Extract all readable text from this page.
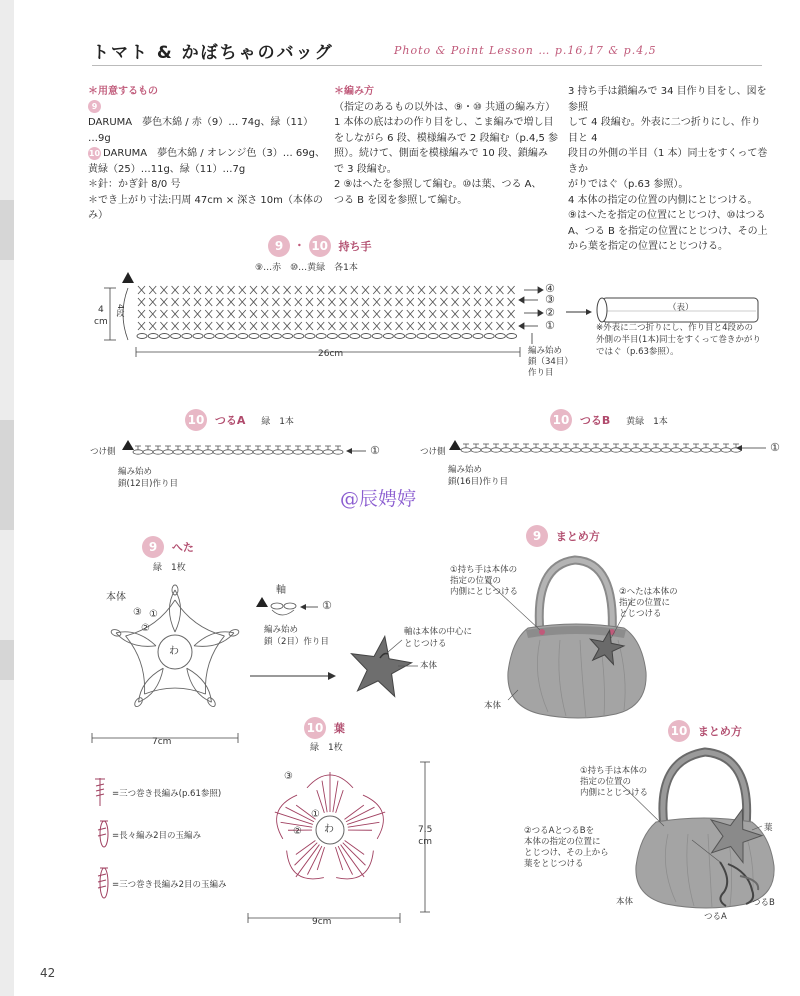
トマト & かぼちゃのバッグ	Photo & Point Lesson … p.16,17 & p.4,5

＊用意するもの

9DARUMA　夢色木綿 / 赤（9）… 74g、緑（11）

…9g

10 DARUMA　夢色木綿 / オレンジ色（3）… 69g、

黄緑（25）…11g、緑（11）…7g

＊針：かぎ針 8/0 号

＊でき上がり寸法:円周 47cm × 深さ 10m（本体のみ）

＊編み方

（指定のあるもの以外は、⑨・⑩ 共通の編み方）

1 本体の底はわの作り目をし、こま編みで増し目

をしながら 6 段、模様編みで 2 段編む（p.4,5 参

照）。続けて、側面を模様編みで 10 段、鎖編み

で 3 段編む。

2 ⑨はへたを参照して編む。⑩は葉、つる A、

つる B を図を参照して編む。

3 持ち手は鎖編みで 34 目作り目をし、図を参照

して 4 段編む。外表に二つ折りにし、作り目と 4

段目の外側の半目（1 本）同士をすくって巻きか

がりではぐ（p.63 参照）。

4 本体の指定の位置の内側にとじつける。

⑨はへたを指定の位置にとじつけ、⑩はつる

A、つる B を指定の位置にとじつけ、その上

から葉を指定の位置にとじつける。

9 ・ 10 持ち手
⑨…赤　⑩…黄緑　各1本
4
cm
4段
26cm
④
③
②
①
編み始め
鎖（34目）
作り目
（表）
※外表に二つ折りにし、作り目と4段めの
外側の半目(1本)同士をすくって巻きかがり
ではぐ（p.63参照）。
10 つるA 緑　1本	10 つるB 黄緑　1本
つけ側	①
編み始め
鎖(12目)作り目
つけ側	①
編み始め
鎖(16目)作り目
@辰娉婷
9 へた
緑　1枚
本体
わ
①
②
③
7cm
軸
①
編み始め
鎖（2目）作り目
軸は本体の中心に
とじつける
本体
10 葉
緑　1枚
わ
①
②
③
7.5
cm
9cm
=三つ巻き長編み(p.61参照)
=長々編み2目の玉編み
=三つ巻き長編み2目の玉編み
9 まとめ方
①持ち手は本体の
指定の位置の
内側にとじつける	②へたは本体の
指定の位置に
とじつける
本体
10 まとめ方
①持ち手は本体の
指定の位置の
内側にとじつける
②つるAとつるBを
本体の指定の位置に
とじつけ、その上から
葉をとじつける
葉
本体
つるA
つるB
42
